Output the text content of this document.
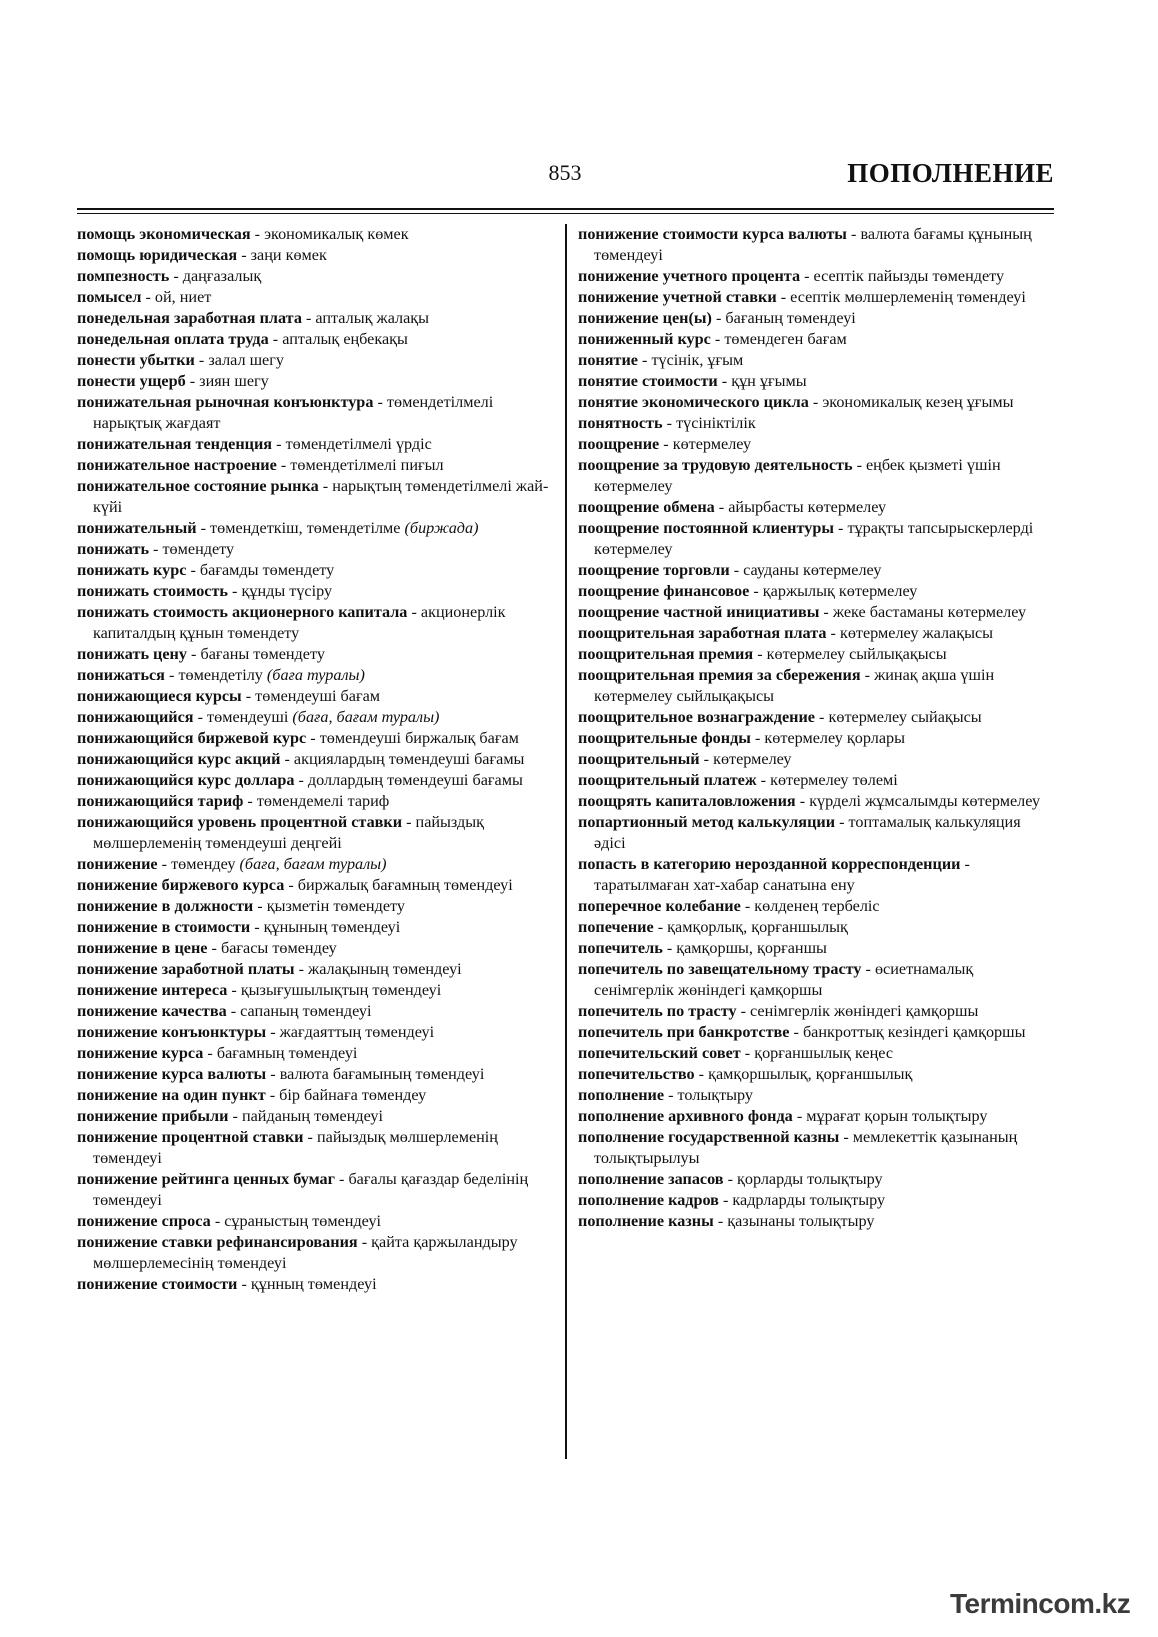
853	ПОПОЛНЕНИЕ
помощь экономическая - экономикалық көмек
помощь юридическая - заңи көмек
помпезность - даңғазалық
помысел - ой, ниет
понедельная заработная плата - апталық жалақы
понедельная оплата труда - апталық еңбекақы
понести убытки - залал шегу
понести ущерб - зиян шегу
понижательная рыночная конъюнктура - төмендетілмелі нарықтық жағдаят
понижательная тенденция - төмендетілмелі үрдіс
понижательное настроение - төмендетілмелі пиғыл
понижательное состояние рынка - нарықтың төмендетілмелі жай-күйі
понижательный - төмендеткіш, төмендетілме (биржада)
понижать - төмендету
понижать курс - бағамды төмендету
понижать стоимость - құнды түсіру
понижать стоимость акционерного капитала - акционерлік капиталдың құнын төмендету
понижать цену - бағаны төмендету
понижаться - төмендетілу (баға туралы)
понижающиеся курсы - төмендеуші бағам
понижающийся - төмендеуші (баға, бағам туралы)
понижающийся биржевой курс - төмендеуші биржалық бағам
понижающийся курс акций - акциялардың төмендеуші бағамы
понижающийся курс доллара - доллардың төмендеуші бағамы
понижающийся тариф - төмендемелі тариф
понижающийся уровень процентной ставки - пайыздық мөлшерлеменің төмендеуші деңгейі
понижение - төмендеу (баға, бағам туралы)
понижение биржевого курса - биржалық бағамның төмендеуі
понижение в должности - қызметін төмендету
понижение в стоимости - құнының төмендеуі
понижение в цене - бағасы төмендеу
понижение заработной платы - жалақының төмендеуі
понижение интереса - қызығушылықтың төмендеуі
понижение качества - сапаның төмендеуі
понижение конъюнктуры - жағдаяттың төмендеуі
понижение курса - бағамның төмендеуі
понижение курса валюты - валюта бағамының төмендеуі
понижение на один пункт - бір байнаға төмендеу
понижение прибыли - пайданың төмендеуі
понижение процентной ставки - пайыздық мөлшерлеменің төмендеуі
понижение рейтинга ценных бумаг - бағалы қағаздар беделінің төмендеуі
понижение спроса - сұраныстың төмендеуі
понижение ставки рефинансирования - қайта қаржыландыру мөлшерлемесінің төмендеуі
понижение стоимости - құнның төмендеуі
понижение стоимости курса валюты - валюта бағамы құнының төмендеуі
понижение учетного процента - есептік пайызды төмендету
понижение учетной ставки - есептік мөлшерлеменің төмендеуі
понижение цен(ы) - бағаның төмендеуі
пониженный курс - төмендеген бағам
понятие - түсінік, ұғым
понятие стоимости - құн ұғымы
понятие экономического цикла - экономикалық кезең ұғымы
понятность - түсініктілік
поощрение - көтермелеу
поощрение за трудовую деятельность - еңбек қызметі үшін көтермелеу
поощрение обмена - айырбасты көтермелеу
поощрение постоянной клиентуры - тұрақты тапсырыскерлерді көтермелеу
поощрение торговли - сауданы көтермелеу
поощрение финансовое - қаржылық көтермелеу
поощрение частной инициативы - жеке бастаманы көтермелеу
поощрительная заработная плата - көтермелеу жалақысы
поощрительная премия - көтермелеу сыйлықақысы
поощрительная премия за сбережения - жинақ ақша үшін көтермелеу сыйлықақысы
поощрительное вознаграждение - көтермелеу сыйақысы
поощрительные фонды - көтермелеу қорлары
поощрительный - көтермелеу
поощрительный платеж - көтермелеу төлемі
поощрять капиталовложения - күрделі жұмсалымды көтермелеу
попартионный метод калькуляции - топтамалық калькуляция әдісі
попасть в категорию нерозданной корреспонденции - таратылмаған хат-хабар санатына ену
поперечное колебание - көлденең тербеліс
попечение - қамқорлық, қорғаншылық
попечитель - қамқоршы, қорғаншы
попечитель по завещательному трасту - өсиетнамалық сенімгерлік жөніндегі қамқоршы
попечитель по трасту - сенімгерлік жөніндегі қамқоршы
попечитель при банкротстве - банкроттық кезіндегі қамқоршы
попечительский совет - қорғаншылық кеңес
попечительство - қамқоршылық, қорғаншылық
пополнение - толықтыру
пополнение архивного фонда - мұрағат қорын толықтыру
пополнение государственной казны - мемлекеттік қазынаның толықтырылуы
пополнение запасов - қорларды толықтыру
пополнение кадров - кадрларды толықтыру
пополнение казны - қазынаны толықтыру
Termincom.kz
